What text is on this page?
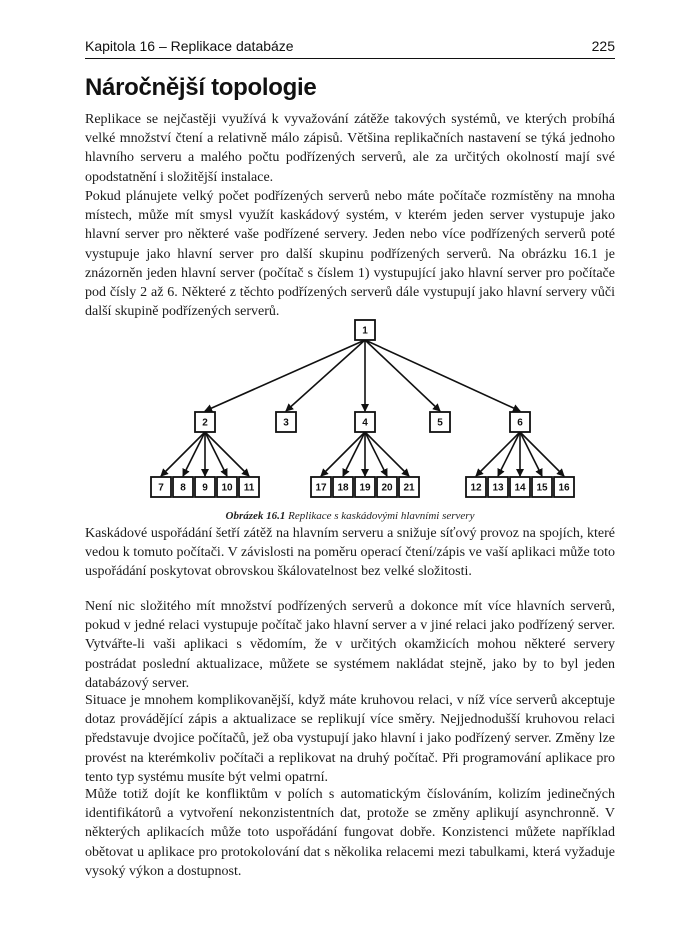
Kapitola 16 – Replikace databáze	225
Náročnější topologie

Replikace se nejčastěji využívá k vyvažování zátěže takových systémů, ve kterých probíhá velké množství čtení a relativně málo zápisů. Většina replikačních nastavení se týká jednoho hlavního serveru a malého počtu podřízených serverů, ale za určitých okolností mají své opodstatnění i složitější instalace.

Pokud plánujete velký počet podřízených serverů nebo máte počítače rozmístěny na mnoha místech, může mít smysl využít kaskádový systém, v kterém jeden server vystupuje jako hlavní server pro některé vaše podřízené servery. Jeden nebo více podřízených serverů poté vystupuje jako hlavní server pro další skupinu podřízených serverů. Na obrázku 16.1 je znázorněn jeden hlavní server (počítač s číslem 1) vystupující jako hlavní server pro počítače pod čísly 2 až 6. Některé z těchto podřízených serverů dále vystupují jako hlavní servery vůči další skupině podřízených serverů.

1
2
7 8 9 10 11
3	4
17 18 19 20 21
5	6
12 13 14 15 16
Obrázek 16.1 Replikace s kaskádovými hlavními servery

Kaskádové uspořádání šetří zátěž na hlavním serveru a snižuje síťový provoz na spojích, které vedou k tomuto počítači. V závislosti na poměru operací čtení/zápis ve vaší aplikaci může toto uspořádání poskytovat obrovskou škálovatelnost bez velké složitosti.

Není nic složitého mít množství podřízených serverů a dokonce mít více hlavních serverů, pokud v jedné relaci vystupuje počítač jako hlavní server a v jiné relaci jako podřízený server. Vytvářte-li vaši aplikaci s vědomím, že v určitých okamžicích mohou některé servery postrádat poslední aktualizace, můžete se systémem nakládat stejně, jako by to byl jeden databázový server.

Situace je mnohem komplikovanější, když máte kruhovou relaci, v níž více serverů akceptuje dotaz provádějící zápis a aktualizace se replikují více směry. Nejjednodušší kruhovou relaci představuje dvojice počítačů, jež oba vystupují jako hlavní i jako podřízený server. Změny lze provést na kterémkoliv počítači a replikovat na druhý počítač. Při programování aplikace pro tento typ systému musíte být velmi opatrní.

Může totiž dojít ke konfliktům v polích s automatickým číslováním, kolizím jedinečných identifikátorů a vytvoření nekonzistentních dat, protože se změny aplikují asynchronně. V některých aplikacích může toto uspořádání fungovat dobře. Konzistenci můžete například obětovat u aplikace pro protokolování dat s několika relacemi mezi tabulkami, která vyžaduje vysoký výkon a dostupnost.
